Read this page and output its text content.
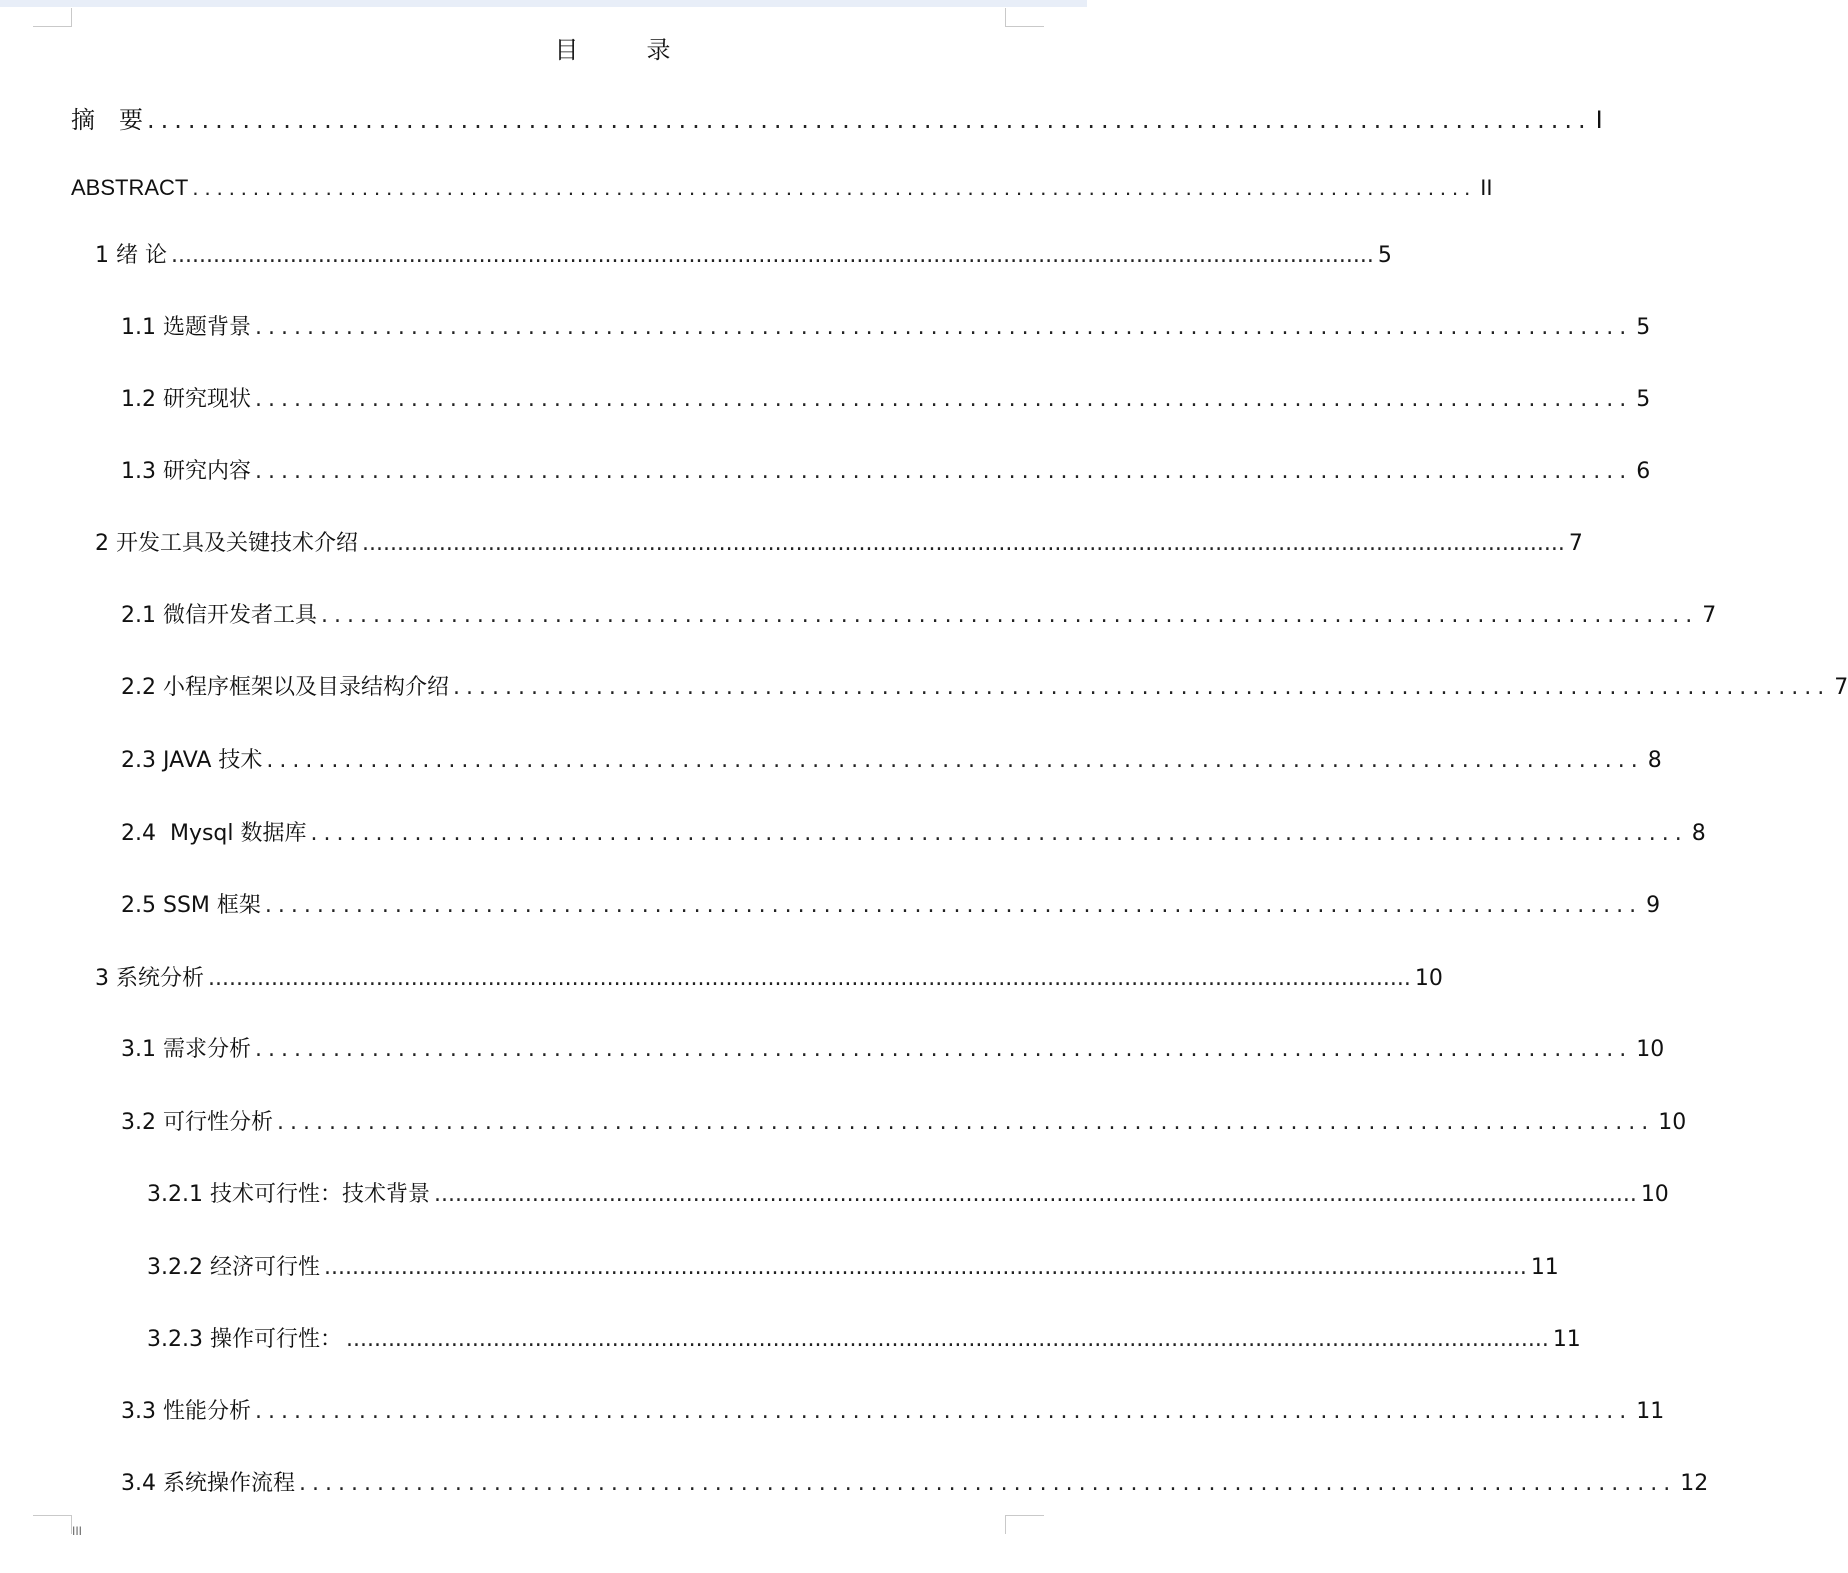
目　录
摘　要 .......................................................................................................... I
ABSTRACT .......................................................................................................... II
1 绪 论 ............................................................................................................................................................................ 5
1.1 选题背景 .......................................................................................................... 5
1.2 研究现状 .......................................................................................................... 5
1.3 研究内容 .......................................................................................................... 6
2 开发工具及关键技术介绍 ............................................................................................................................................................................ 7
2.1 微信开发者工具 .......................................................................................................... 7
2.2 小程序框架以及目录结构介绍 .......................................................................................................... 7
2.3 JAVA 技术 .......................................................................................................... 8
2.4  Mysql 数据库 .......................................................................................................... 8
2.5 SSM 框架 .......................................................................................................... 9
3 系统分析 ............................................................................................................................................................................ 10
3.1 需求分析 .......................................................................................................... 10
3.2 可行性分析 .......................................................................................................... 10
3.2.1 技术可行性：技术背景 ............................................................................................................................................................................ 10
3.2.2 经济可行性 ............................................................................................................................................................................ 11
3.2.3 操作可行性： ............................................................................................................................................................................ 11
3.3 性能分析 .......................................................................................................... 11
3.4 系统操作流程 .......................................................................................................... 12
III
